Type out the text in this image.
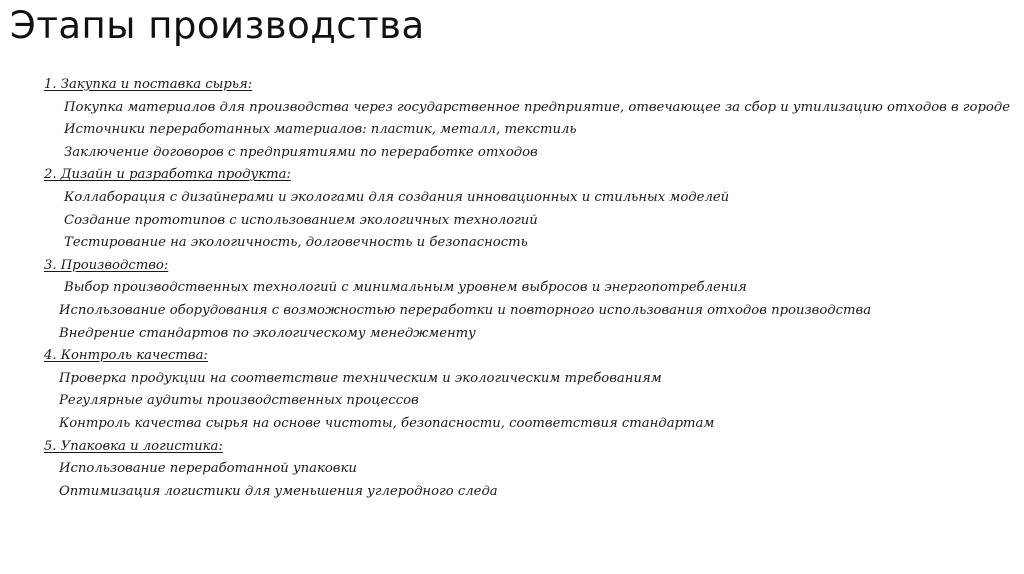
Этапы производства
1. Закупка и поставка сырья:
Покупка материалов для производства через государственное предприятие, отвечающее за сбор и утилизацию отходов в городе
Источники переработанных материалов: пластик, металл, текстиль
Заключение договоров с предприятиями по переработке отходов
2. Дизайн и разработка продукта:
Коллаборация с дизайнерами и экологами для создания инновационных и стильных моделей
Создание прототипов с использованием экологичных технологий
Тестирование на экологичность, долговечность и безопасность
3. Производство:
Выбор производственных технологий с минимальным уровнем выбросов и энергопотребления
Использование оборудования с возможностью переработки и повторного использования отходов производства
Внедрение стандартов по экологическому менеджменту
4. Контроль качества:
Проверка продукции на соответствие техническим и экологическим требованиям
Регулярные аудиты производственных процессов
Контроль качества сырья на основе чистоты, безопасности, соответствия стандартам
5. Упаковка и логистика:
Использование переработанной упаковки
Оптимизация логистики для уменьшения углеродного следа
